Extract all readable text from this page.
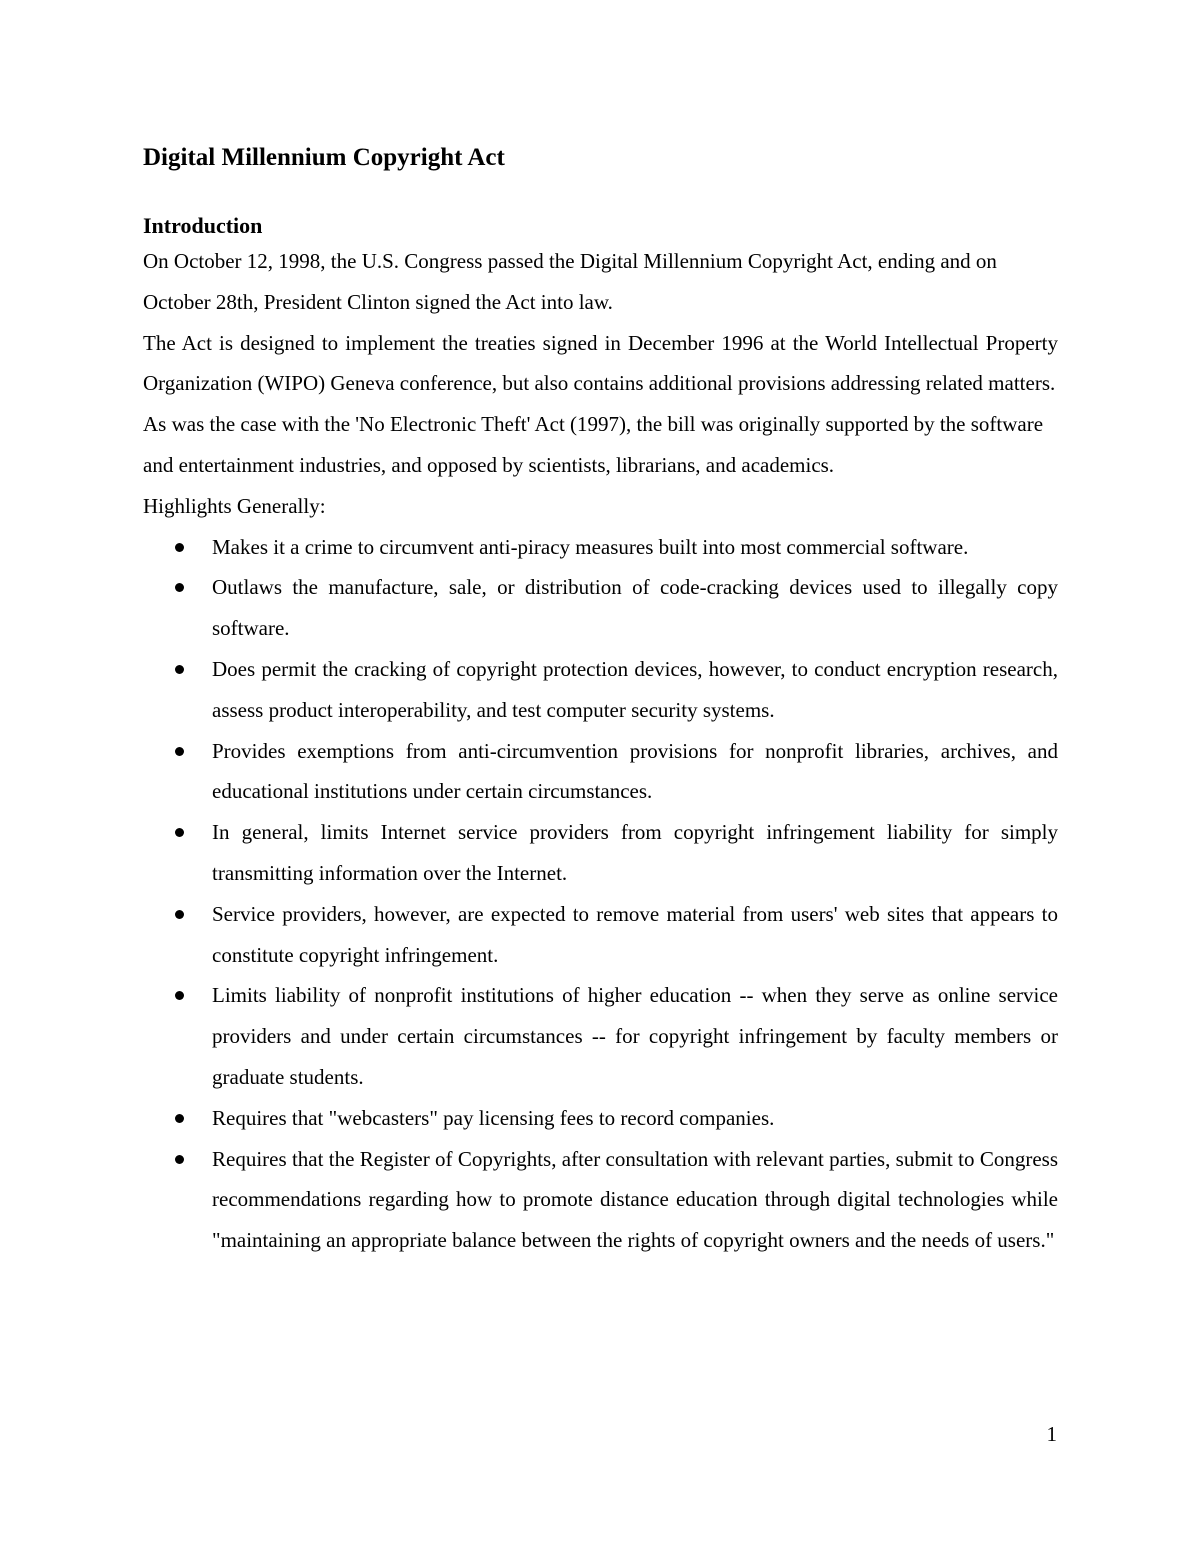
Digital Millennium Copyright Act
Introduction

On October 12, 1998, the U.S. Congress passed the Digital Millennium Copyright Act, ending and on October 28th, President Clinton signed the Act into law.

The Act is designed to implement the treaties signed in December 1996 at the World Intellectual Property Organization (WIPO) Geneva conference, but also contains additional provisions addressing related matters.

As was the case with the 'No Electronic Theft' Act (1997), the bill was originally supported by the software and entertainment industries, and opposed by scientists, librarians, and academics.

Highlights Generally:

Makes it a crime to circumvent anti-piracy measures built into most commercial software.
Outlaws the manufacture, sale, or distribution of code-cracking devices used to illegally copy software.
Does permit the cracking of copyright protection devices, however, to conduct encryption research, assess product interoperability, and test computer security systems.
Provides exemptions from anti-circumvention provisions for nonprofit libraries, archives, and educational institutions under certain circumstances.
In general, limits Internet service providers from copyright infringement liability for simply transmitting information over the Internet.
Service providers, however, are expected to remove material from users' web sites that appears to constitute copyright infringement.
Limits liability of nonprofit institutions of higher education -- when they serve as online service providers and under certain circumstances -- for copyright infringement by faculty members or graduate students.
Requires that "webcasters" pay licensing fees to record companies.
Requires that the Register of Copyrights, after consultation with relevant parties, submit to Congress recommendations regarding how to promote distance education through digital technologies while "maintaining an appropriate balance between the rights of copyright owners and the needs of users."
1
